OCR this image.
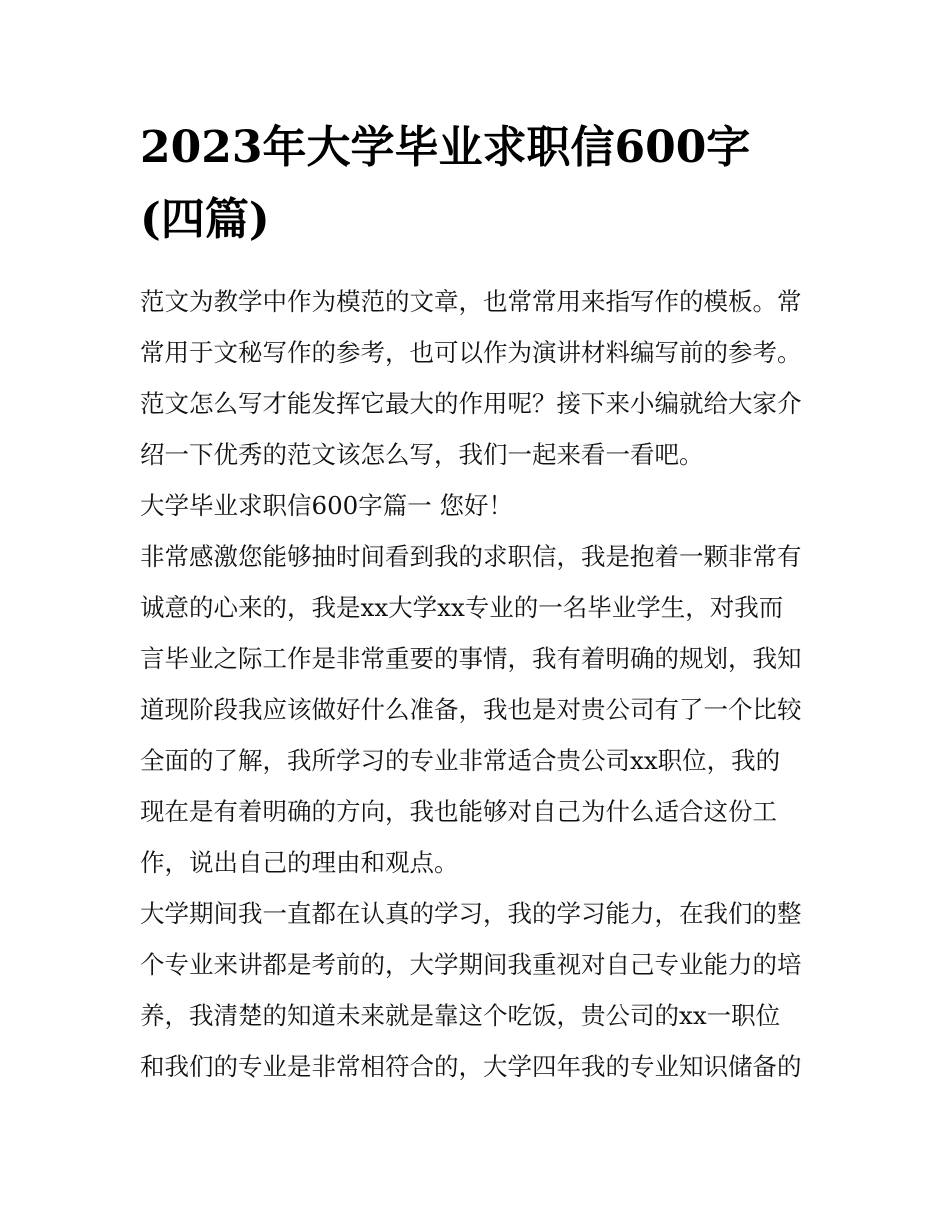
2023年大学毕业求职信600字
(四篇)
范文为教学中作为模范的文章，也常常用来指写作的模板。常
常用于文秘写作的参考，也可以作为演讲材料编写前的参考。
范文怎么写才能发挥它最大的作用呢？接下来小编就给大家介
绍一下优秀的范文该怎么写，我们一起来看一看吧。
大学毕业求职信600字篇一 您好！
非常感激您能够抽时间看到我的求职信，我是抱着一颗非常有
诚意的心来的，我是xx大学xx专业的一名毕业学生，对我而
言毕业之际工作是非常重要的事情，我有着明确的规划，我知
道现阶段我应该做好什么准备，我也是对贵公司有了一个比较
全面的了解，我所学习的专业非常适合贵公司xx职位，我的
现在是有着明确的方向，我也能够对自己为什么适合这份工
作，说出自己的理由和观点。
大学期间我一直都在认真的学习，我的学习能力，在我们的整
个专业来讲都是考前的，大学期间我重视对自己专业能力的培
养，我清楚的知道未来就是靠这个吃饭，贵公司的xx一职位
和我们的专业是非常相符合的，大学四年我的专业知识储备的
